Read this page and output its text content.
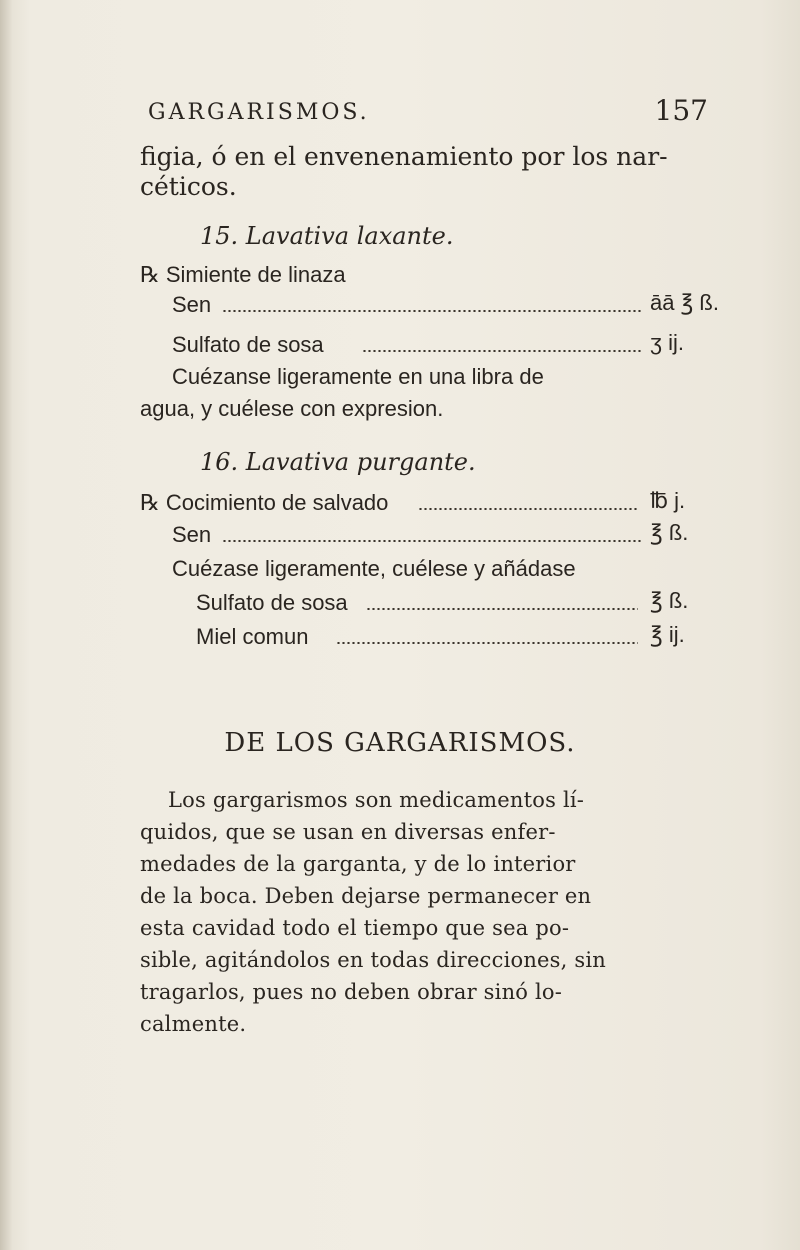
GARGARISMOS.	157
figia, ó en el envenenamiento por los nar-
céticos.
15. Lavativa laxante.
℞ Simiente de linaza
Sen	āā ℥ ß.
Sulfato de sosa	ʒ ij.
Cuézanse ligeramente en una libra de
agua, y cuélese con expresion.
16. Lavativa purgante.
℞ Cocimiento de salvado	℔ j.
Sen	℥ ß.
Cuézase ligeramente, cuélese y añádase
Sulfato de sosa	℥ ß.
Miel comun	℥ ij.
DE LOS GARGARISMOS.
Los gargarismos son medicamentos lí-
quidos, que se usan en diversas enfer-
medades de la garganta, y de lo interior
de la boca. Deben dejarse permanecer en
esta cavidad todo el tiempo que sea po-
sible, agitándolos en todas direcciones, sin
tragarlos, pues no deben obrar sinó lo-
calmente.
